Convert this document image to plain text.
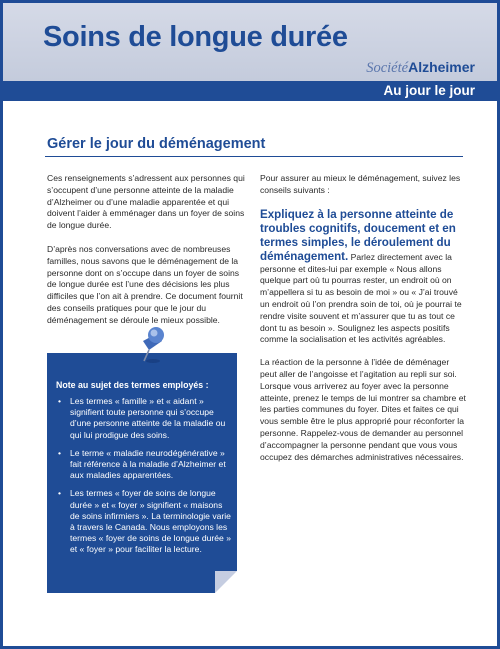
Soins de longue durée
SociétéAlzheimer
Au jour le jour
Gérer le jour du déménagement

Ces renseignements s’adressent aux personnes qui s’occupent d’une personne atteinte de la maladie d’Alzheimer ou d’une maladie apparentée et qui doivent l’aider à emménager dans un foyer de soins de longue durée.

D’après nos conversations avec de nombreuses familles, nous savons que le déménagement de la personne dont on s’occupe dans un foyer de soins de longue durée est l’une des décisions les plus difficiles que l’on ait à prendre. Ce document fournit des conseils pratiques pour que le jour du déménagement se déroule le mieux possible.

Note au sujet des termes employés :
• Les termes « famille » et « aidant » signifient toute personne qui s’occupe d’une personne atteinte de la maladie ou qui lui prodigue des soins.
• Le terme « maladie neurodégénérative » fait référence à la maladie d’Alzheimer et aux maladies apparentées.
• Les termes « foyer de soins de longue durée » et « foyer » signifient « maisons de soins infirmiers ». La terminologie varie à travers le Canada. Nous employons les termes « foyer de soins de longue durée » et « foyer » pour faciliter la lecture.

Pour assurer au mieux le déménagement, suivez les conseils suivants :

Expliquez à la personne atteinte de troubles cognitifs, doucement et en termes simples, le déroulement du déménagement. Parlez directement avec la personne et dites-lui par exemple « Nous allons quelque part où tu pourras rester, un endroit où on m’appellera si tu as besoin de moi » ou « J’ai trouvé un endroit où l’on prendra soin de toi, où je pourrai te rendre visite souvent et m’assurer que tu as tout ce dont tu as besoin ». Soulignez les aspects positifs comme la socialisation et les activités agréables.

La réaction de la personne à l’idée de déménager peut aller de l’angoisse et l’agitation au repli sur soi. Lorsque vous arriverez au foyer avec la personne atteinte, prenez le temps de lui montrer sa chambre et les parties communes du foyer. Dites et faites ce qui vous semble être le plus approprié pour réconforter la personne. Rappelez-vous de demander au personnel d’accompagner la personne pendant que vous vous occupez des démarches administratives nécessaires.
